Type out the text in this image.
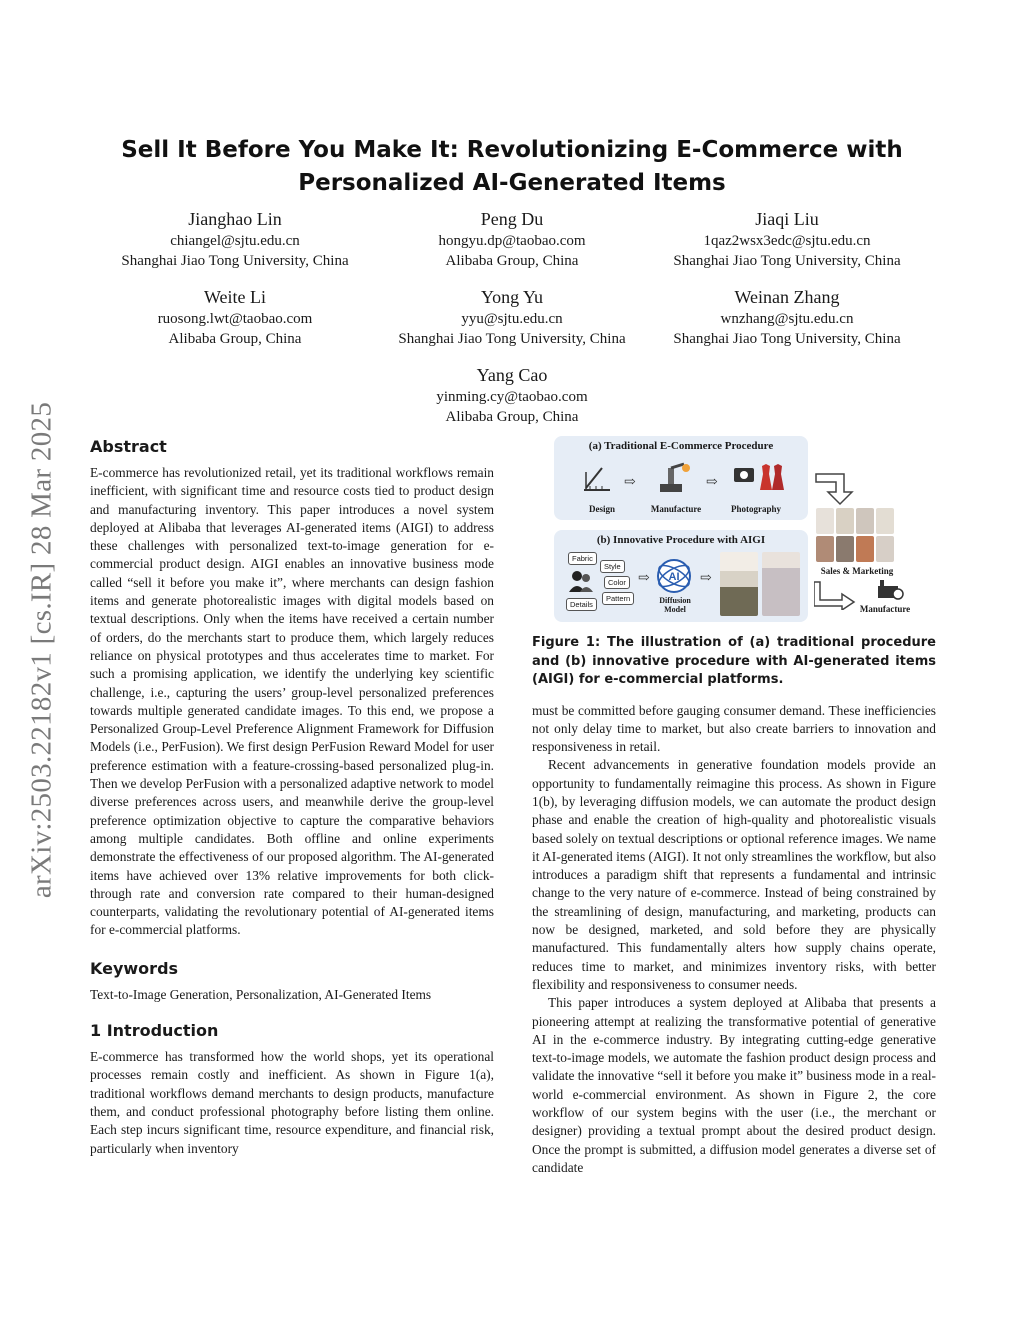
arXiv:2503.22182v1 [cs.IR] 28 Mar 2025
Sell It Before You Make It: Revolutionizing E-Commerce with Personalized AI-Generated Items
Jianghao Lin
chiangel@sjtu.edu.cn
Shanghai Jiao Tong University, China
Peng Du
hongyu.dp@taobao.com
Alibaba Group, China
Jiaqi Liu
1qaz2wsx3edc@sjtu.edu.cn
Shanghai Jiao Tong University, China
Weite Li
ruosong.lwt@taobao.com
Alibaba Group, China
Yong Yu
yyu@sjtu.edu.cn
Shanghai Jiao Tong University, China
Weinan Zhang
wnzhang@sjtu.edu.cn
Shanghai Jiao Tong University, China
Yang Cao
yinming.cy@taobao.com
Alibaba Group, China
Abstract

E-commerce has revolutionized retail, yet its traditional workflows remain inefficient, with significant time and resource costs tied to product design and manufacturing inventory. This paper introduces a novel system deployed at Alibaba that leverages AI-generated items (AIGI) to address these challenges with personalized text-to-image generation for e-commercial product design. AIGI enables an innovative business mode called “sell it before you make it”, where merchants can design fashion items and generate photorealistic images with digital models based on textual descriptions. Only when the items have received a certain number of orders, do the merchants start to produce them, which largely reduces reliance on physical prototypes and thus accelerates time to market. For such a promising application, we identify the underlying key scientific challenge, i.e., capturing the users’ group-level personalized preferences towards multiple generated candidate images. To this end, we propose a Personalized Group-Level Preference Alignment Framework for Diffusion Models (i.e., PerFusion). We first design PerFusion Reward Model for user preference estimation with a feature-crossing-based personalized plug-in. Then we develop PerFusion with a personalized adaptive network to model diverse preferences across users, and meanwhile derive the group-level preference optimization objective to capture the comparative behaviors among multiple candidates. Both offline and online experiments demonstrate the effectiveness of our proposed algorithm. The AI-generated items have achieved over 13% relative improvements for both click-through rate and conversion rate compared to their human-designed counterparts, validating the revolutionary potential of AI-generated items for e-commercial platforms.

Keywords

Text-to-Image Generation, Personalization, AI-Generated Items

1 Introduction

E-commerce has transformed how the world shops, yet its operational processes remain costly and inefficient. As shown in Figure 1(a), traditional workflows demand merchants to design products, manufacture them, and conduct professional photography before listing them online. Each step incurs significant time, resource expenditure, and financial risk, particularly when inventory

(a) Traditional E-Commerce Procedure
⇨	⇨
Design	Manufacture	Photography
(b) Innovative Procedure with AIGI
Fabric
Style
Color
Pattern
Details
⇨ AI
Diffusion Model
⇨	Sales & Marketing
Manufacture
Figure 1: The illustration of (a) traditional procedure and (b) innovative procedure with AI-generated items (AIGI) for e-commercial platforms.

must be committed before gauging consumer demand. These inefficiencies not only delay time to market, but also create barriers to innovation and responsiveness in retail.

Recent advancements in generative foundation models provide an opportunity to fundamentally reimagine this process. As shown in Figure 1(b), by leveraging diffusion models, we can automate the product design phase and enable the creation of high-quality and photorealistic visuals based solely on textual descriptions or optional reference images. We name it AI-generated items (AIGI). It not only streamlines the workflow, but also introduces a paradigm shift that represents a fundamental and intrinsic change to the very nature of e-commerce. Instead of being constrained by the streamlining of design, manufacturing, and marketing, products can now be designed, marketed, and sold before they are physically manufactured. This fundamentally alters how supply chains operate, reduces time to market, and minimizes inventory risks, with better flexibility and responsiveness to consumer needs.

This paper introduces a system deployed at Alibaba that presents a pioneering attempt at realizing the transformative potential of generative AI in the e-commerce industry. By integrating cutting-edge generative text-to-image models, we automate the fashion product design process and validate the innovative “sell it before you make it” business mode in a real-world e-commercial environment. As shown in Figure 2, the core workflow of our system begins with the user (i.e., the merchant or designer) providing a textual prompt about the desired product design. Once the prompt is submitted, a diffusion model generates a diverse set of candidate
